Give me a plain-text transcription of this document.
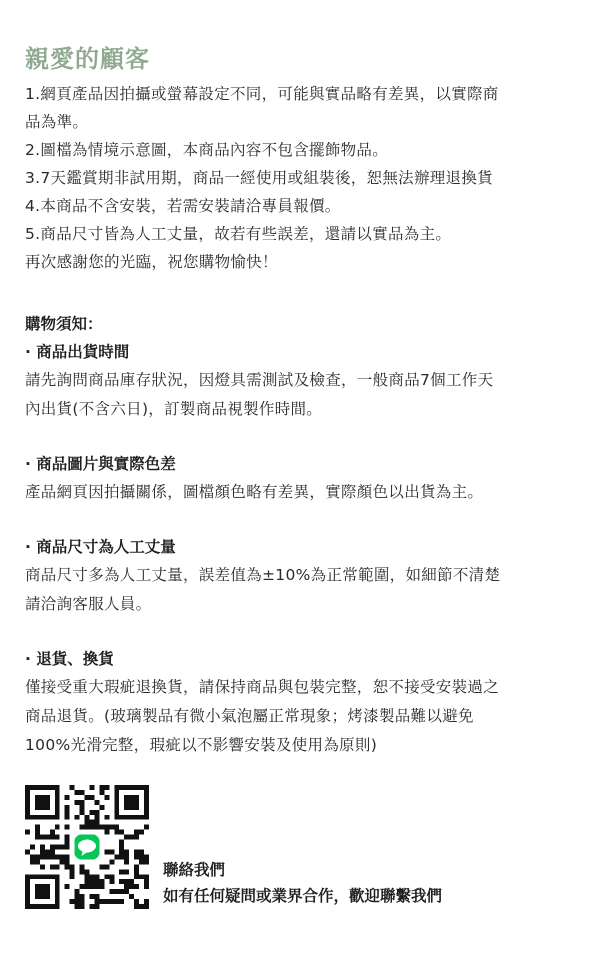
親愛的顧客

1.網頁產品因拍攝或螢幕設定不同，可能與實品略有差異，以實際商

品為準。

2.圖檔為情境示意圖，本商品內容不包含擺飾物品。

3.7天鑑賞期非試用期，商品一經使用或組裝後，恕無法辦理退換貨

4.本商品不含安裝，若需安裝請洽專員報價。

5.商品尺寸皆為人工丈量，故若有些誤差，還請以實品為主。

再次感謝您的光臨，祝您購物愉快！

購物須知：

· 商品出貨時間

請先詢問商品庫存狀況，因燈具需測試及檢查，一般商品7個工作天

內出貨(不含六日)，訂製商品視製作時間。

· 商品圖片與實際色差

產品網頁因拍攝關係，圖檔顏色略有差異，實際顏色以出貨為主。

· 商品尺寸為人工丈量

商品尺寸多為人工丈量，誤差值為±10%為正常範圍，如細節不清楚

請洽詢客服人員。

· 退貨、換貨

僅接受重大瑕疵退換貨，請保持商品與包裝完整，恕不接受安裝過之

商品退貨。(玻璃製品有微小氣泡屬正常現象；烤漆製品難以避免

100%光滑完整，瑕疵以不影響安裝及使用為原則)

聯絡我們

如有任何疑問或業界合作，歡迎聯繫我們
